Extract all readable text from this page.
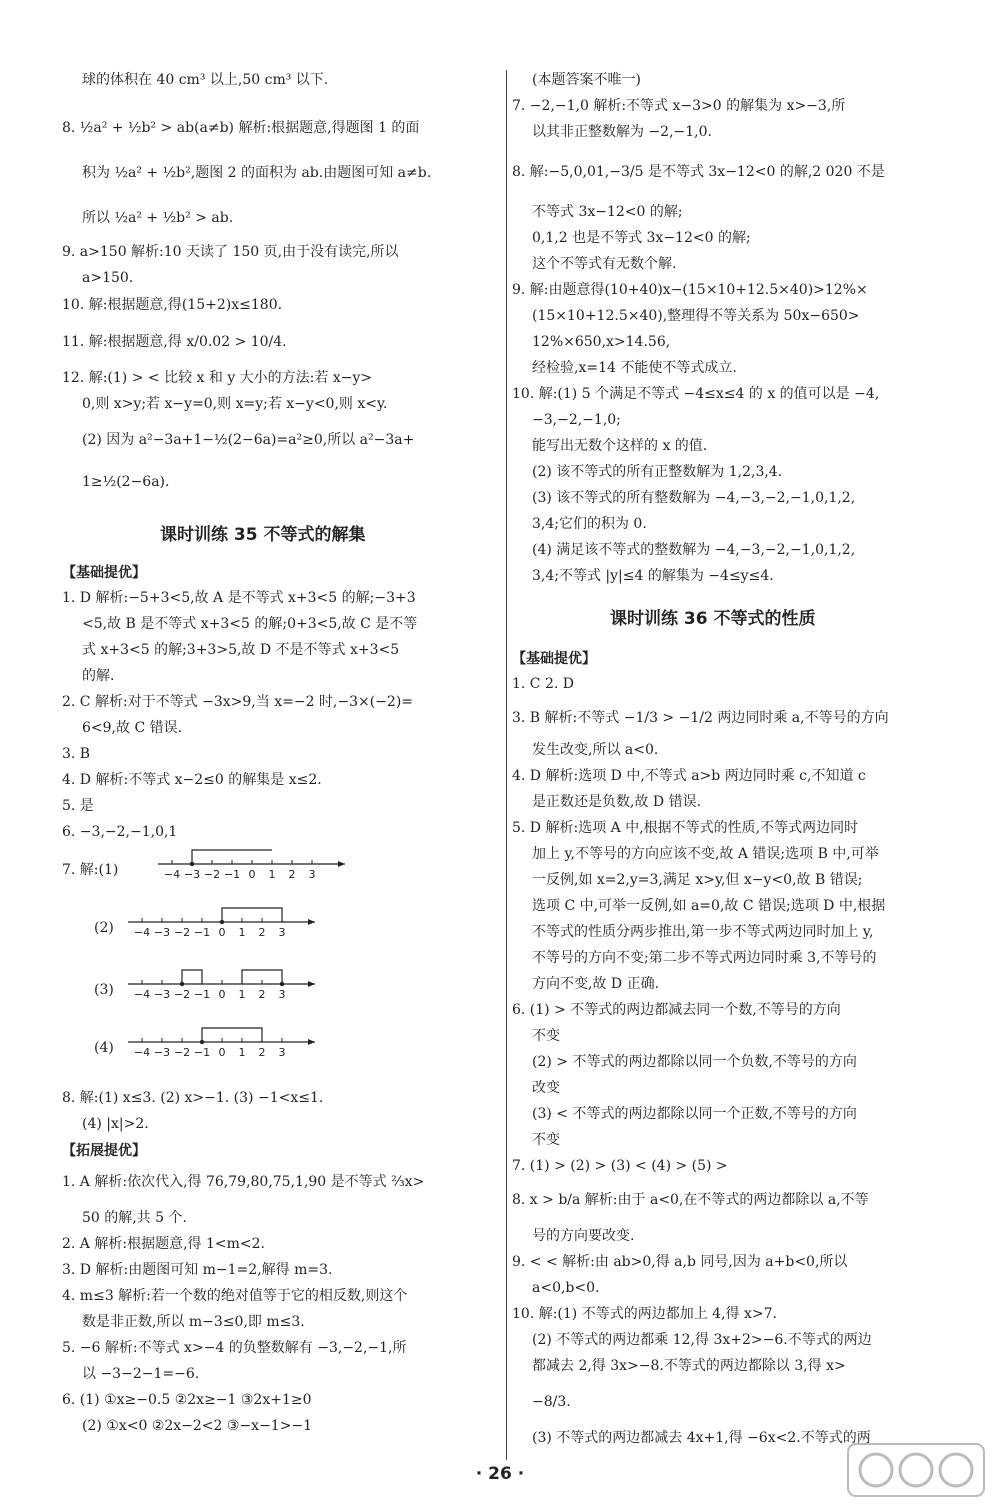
球的体积在 40 cm³ 以上,50 cm³ 以下.
8. ½a² + ½b² > ab(a≠b) 解析:根据题意,得题图 1 的面
积为 ½a² + ½b²,题图 2 的面积为 ab.由题图可知 a≠b.
所以 ½a² + ½b² > ab.
9. a>150 解析:10 天读了 150 页,由于没有读完,所以
a>150.
10. 解:根据题意,得(15+2)x≤180.
11. 解:根据题意,得 x/0.02 > 10/4.
12. 解:(1) > < 比较 x 和 y 大小的方法:若 x−y>
0,则 x>y;若 x−y=0,则 x=y;若 x−y<0,则 x<y.
(2) 因为 a²−3a+1−½(2−6a)=a²≥0,所以 a²−3a+
1≥½(2−6a).
【基础提优】
1. D 解析:−5+3<5,故 A 是不等式 x+3<5 的解;−3+3
<5,故 B 是不等式 x+3<5 的解;0+3<5,故 C 是不等
式 x+3<5 的解;3+3>5,故 D 不是不等式 x+3<5
的解.
2. C 解析:对于不等式 −3x>9,当 x=−2 时,−3×(−2)=
6<9,故 C 错误.
3. B
4. D 解析:不等式 x−2≤0 的解集是 x≤2.
5. 是
6. −3,−2,−1,0,1
7. 解:(1)
(2)
(3)
(4)
8. 解:(1) x≤3. (2) x>−1. (3) −1<x≤1.
(4) |x|>2.
【拓展提优】
1. A 解析:依次代入,得 76,79,80,75,1,90 是不等式 ⅔x>
50 的解,共 5 个.
2. A 解析:根据题意,得 1<m<2.
3. D 解析:由题图可知 m−1=2,解得 m=3.
4. m≤3 解析:若一个数的绝对值等于它的相反数,则这个
数是非正数,所以 m−3≤0,即 m≤3.
5. −6 解析:不等式 x>−4 的负整数解有 −3,−2,−1,所
以 −3−2−1=−6.
6. (1) ①x≥−0.5 ②2x≥−1 ③2x+1≥0
(2) ①x<0 ②2x−2<2 ③−x−1>−1
(本题答案不唯一)
7. −2,−1,0 解析:不等式 x−3>0 的解集为 x>−3,所
以其非正整数解为 −2,−1,0.
8. 解:−5,0,01,−3/5 是不等式 3x−12<0 的解,2 020 不是
不等式 3x−12<0 的解;
0,1,2 也是不等式 3x−12<0 的解;
这个不等式有无数个解.
9. 解:由题意得(10+40)x−(15×10+12.5×40)>12%×
(15×10+12.5×40),整理得不等关系为 50x−650>
12%×650,x>14.56,
经检验,x=14 不能使不等式成立.
10. 解:(1) 5 个满足不等式 −4≤x≤4 的 x 的值可以是 −4,
−3,−2,−1,0;
能写出无数个这样的 x 的值.
(2) 该不等式的所有正整数解为 1,2,3,4.
(3) 该不等式的所有整数解为 −4,−3,−2,−1,0,1,2,
3,4;它们的积为 0.
(4) 满足该不等式的整数解为 −4,−3,−2,−1,0,1,2,
3,4;不等式 |y|≤4 的解集为 −4≤y≤4.
【基础提优】
1. C 2. D
3. B 解析:不等式 −1/3 > −1/2 两边同时乘 a,不等号的方向
发生改变,所以 a<0.
4. D 解析:选项 D 中,不等式 a>b 两边同时乘 c,不知道 c
是正数还是负数,故 D 错误.
5. D 解析:选项 A 中,根据不等式的性质,不等式两边同时
加上 y,不等号的方向应该不变,故 A 错误;选项 B 中,可举
一反例,如 x=2,y=3,满足 x>y,但 x−y<0,故 B 错误;
选项 C 中,可举一反例,如 a=0,故 C 错误;选项 D 中,根据
不等式的性质分两步推出,第一步不等式两边同时加上 y,
不等号的方向不变;第二步不等式两边同时乘 3,不等号的
方向不变,故 D 正确.
6. (1) > 不等式的两边都减去同一个数,不等号的方向
不变
(2) > 不等式的两边都除以同一个负数,不等号的方向
改变
(3) < 不等式的两边都除以同一个正数,不等号的方向
不变
7. (1) > (2) > (3) < (4) > (5) >
8. x > b/a 解析:由于 a<0,在不等式的两边都除以 a,不等
号的方向要改变.
9. < < 解析:由 ab>0,得 a,b 同号,因为 a+b<0,所以
a<0,b<0.
10. 解:(1) 不等式的两边都加上 4,得 x>7.
(2) 不等式的两边都乘 12,得 3x+2>−6.不等式的两边
都减去 2,得 3x>−8.不等式的两边都除以 3,得 x>
−8/3.
(3) 不等式的两边都减去 4x+1,得 −6x<2.不等式的两
课时训练 35 不等式的解集
课时训练 36 不等式的性质
−4 −3 −2 −1 0 1 2 3
−4 −3 −2 −1 0 1 2 3
−4 −3 −2 −1 0 1 2 3
−4 −3 −2 −1 0 1 2 3
· 26 ·
